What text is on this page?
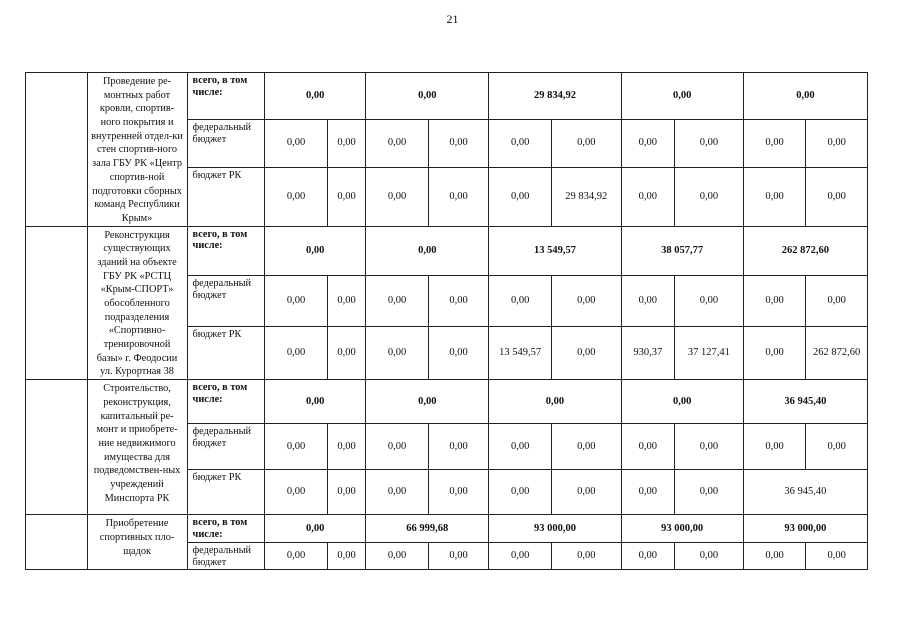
21
	Проведение ре-монтных работ кровли, спортив-ного покрытия и внутренней отдел-ки стен спортив-ного зала ГБУ РК «Центр спортив-ной подготовки сборных команд Республики Крым»	всего, в том числе:	0,00		0,00		29 834,92		0,00		0,00	
		федеральный бюджет	0,00	0,00	0,00	0,00	0,00	0,00	0,00	0,00	0,00	0,00
		бюджет РК	0,00	0,00	0,00	0,00	0,00	29 834,92	0,00	0,00	0,00	0,00
	Реконструкция существующих зданий на объекте ГБУ РК «РСТЦ «Крым-СПОРТ» обособленного подразделения «Спортивно-тренировочной базы» г. Феодосии ул. Курортная 38	всего, в том числе:	0,00		0,00		13 549,57		38 057,77		262 872,60	
		федеральный бюджет	0,00	0,00	0,00	0,00	0,00	0,00	0,00	0,00	0,00	0,00
		бюджет РК	0,00	0,00	0,00	0,00	13 549,57	0,00	930,37	37 127,41	0,00	262 872,60
	Строительство, реконструкция, капитальный ре-монт и приобрете-ние недвижимого имущества для подведомствен-ных учреждений Минспорта РК	всего, в том числе:	0,00		0,00		0,00		0,00		36 945,40	
		федеральный бюджет	0,00	0,00	0,00	0,00	0,00	0,00	0,00	0,00	0,00	0,00
		бюджет РК	0,00	0,00	0,00	0,00	0,00	0,00	0,00	0,00	36 945,40	
	Приобретение спортивных пло-щадок	всего, в том числе:	0,00		66 999,68		93 000,00		93 000,00		93 000,00	
		федеральный бюджет	0,00	0,00	0,00	0,00	0,00	0,00	0,00	0,00	0,00	0,00
